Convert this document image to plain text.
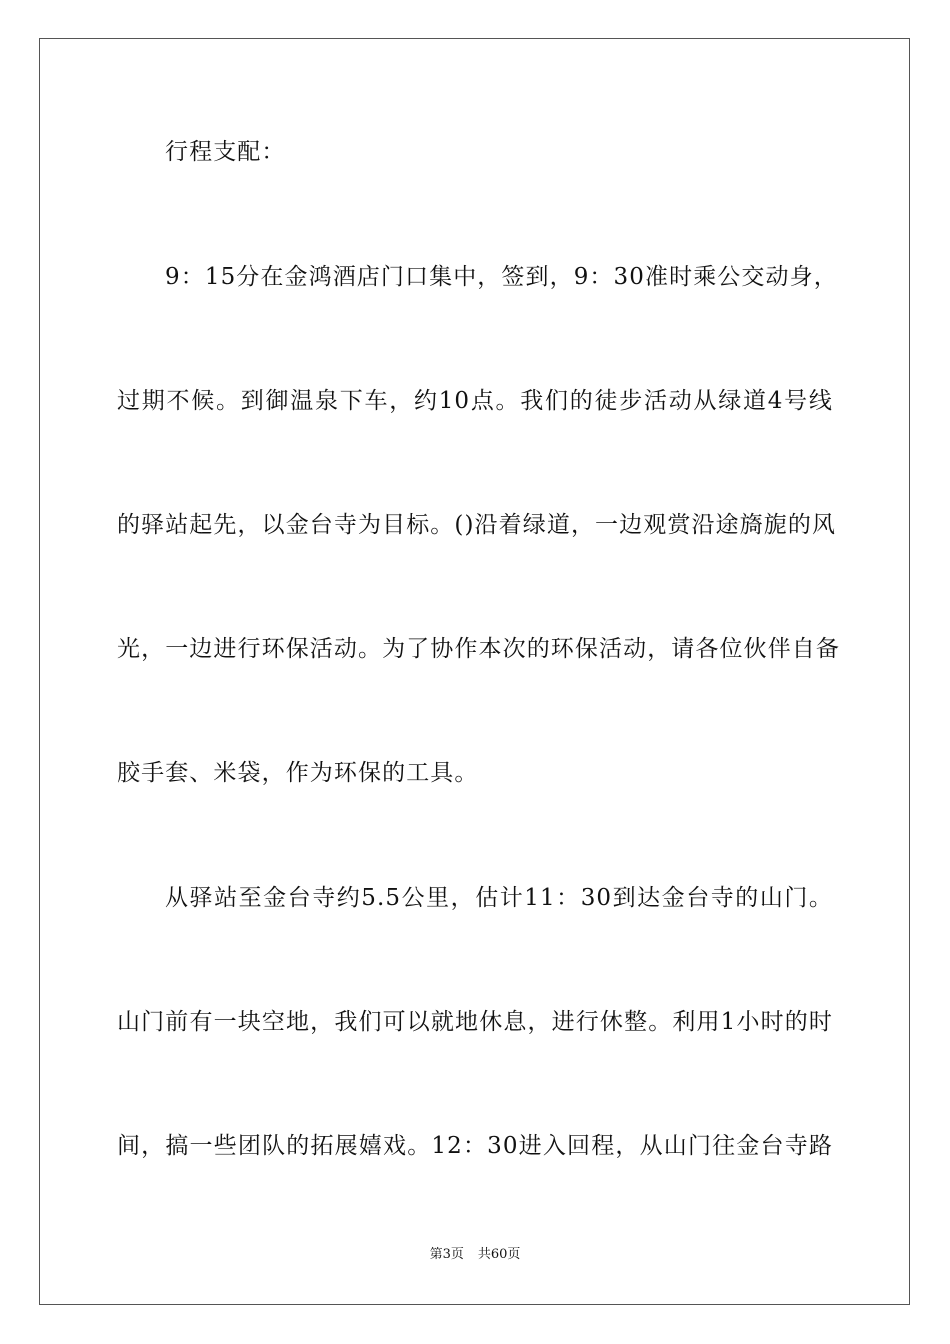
行程支配：
9：15分在金鸿酒店门口集中，签到，9：30准时乘公交动身，
过期不候。到御温泉下车，约10点。我们的徒步活动从绿道4号线
的驿站起先，以金台寺为目标。()沿着绿道，一边观赏沿途旖旎的风
光，一边进行环保活动。为了协作本次的环保活动，请各位伙伴自备
胶手套、米袋，作为环保的工具。
从驿站至金台寺约5.5公里，估计11：30到达金台寺的山门。
山门前有一块空地，我们可以就地休息，进行休整。利用1小时的时
间，搞一些团队的拓展嬉戏。12：30进入回程，从山门往金台寺路
第3页 共60页
